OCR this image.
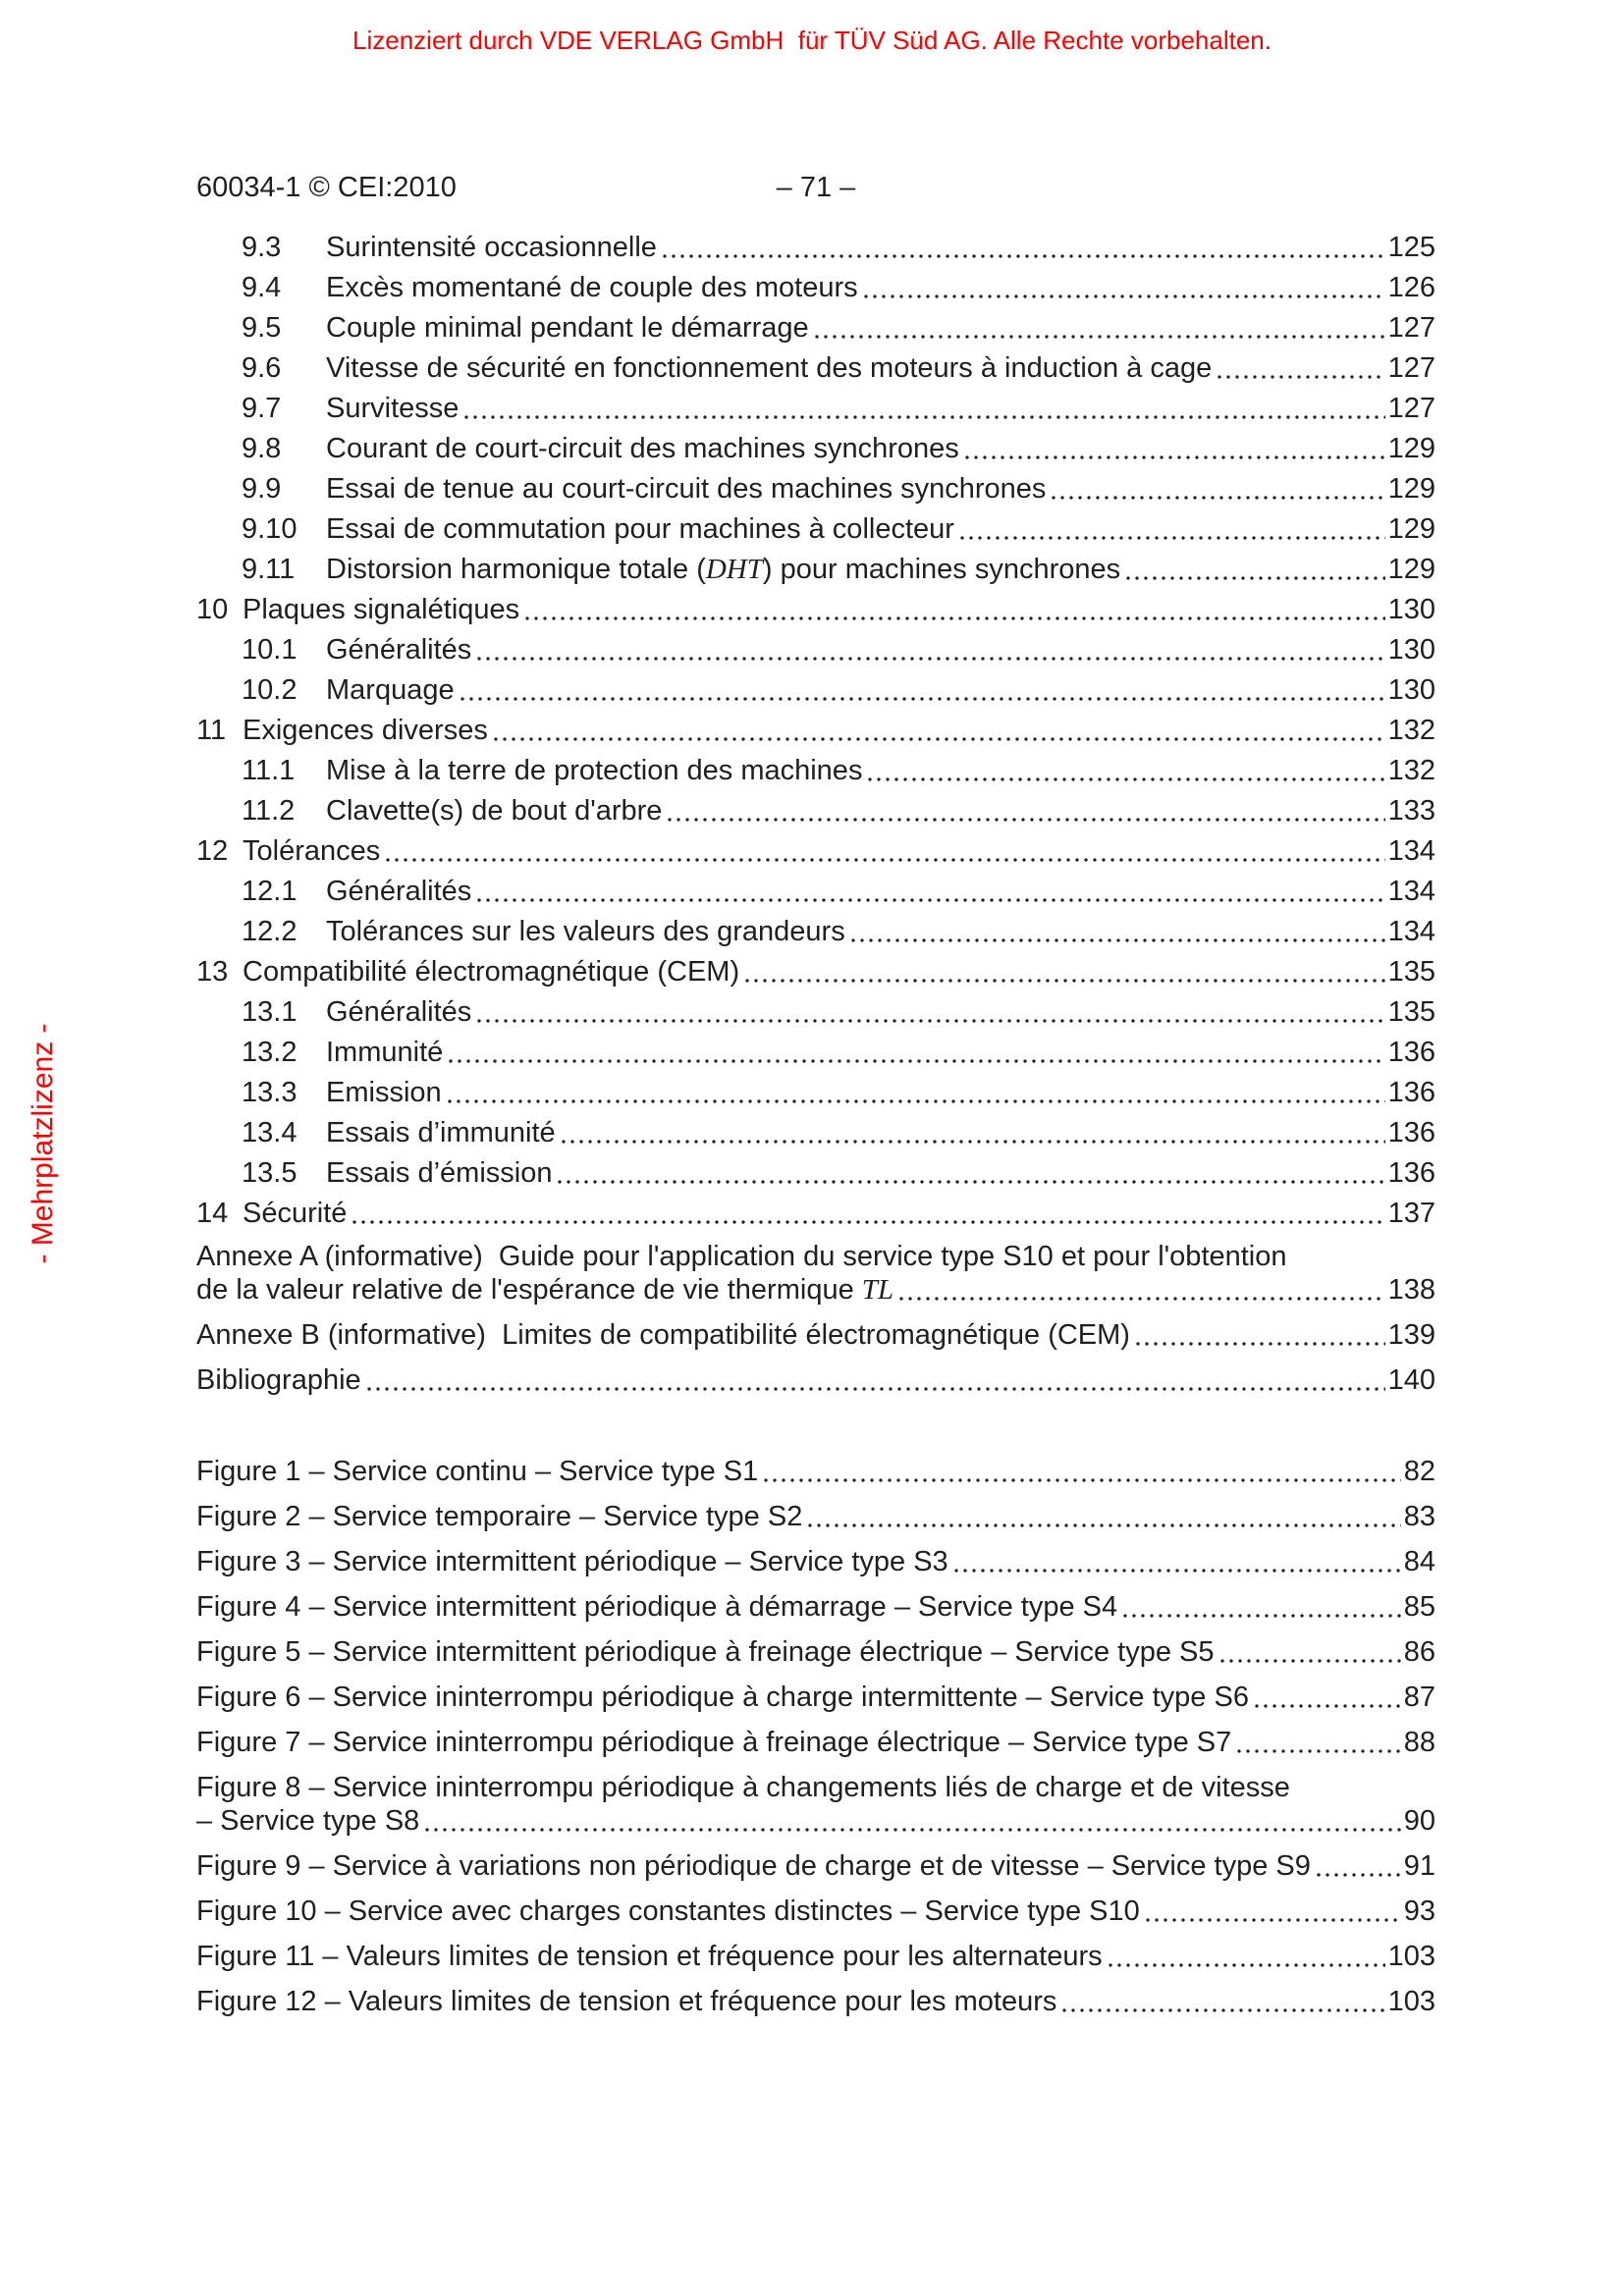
Lizenziert durch VDE VERLAG GmbH  für TÜV Süd AG. Alle Rechte vorbehalten.
- Mehrplatzlizenz -
60034-1 © CEI:2010	– 71 –
9.3	Surintensité occasionnelle	125
9.4	Excès momentané de couple des moteurs	126
9.5	Couple minimal pendant le démarrage	127
9.6	Vitesse de sécurité en fonctionnement des moteurs à induction à cage	127
9.7	Survitesse	127
9.8	Courant de court-circuit des machines synchrones	129
9.9	Essai de tenue au court-circuit des machines synchrones	129
9.10	Essai de commutation pour machines à collecteur	129
9.11	Distorsion harmonique totale (DHT) pour machines synchrones	129
10 Plaques signalétiques	130
10.1	Généralités	130
10.2	Marquage	130
11 Exigences diverses	132
11.1	Mise à la terre de protection des machines	132
11.2	Clavette(s) de bout d'arbre	133
12 Tolérances	134
12.1	Généralités	134
12.2	Tolérances sur les valeurs des grandeurs	134
13 Compatibilité électromagnétique (CEM)	135
13.1	Généralités	135
13.2	Immunité	136
13.3	Emission	136
13.4	Essais d’immunité	136
13.5	Essais d’émission	136
14 Sécurité	137
Annexe A (informative)  Guide pour l'application du service type S10 et pour l'obtention
de la valeur relative de l'espérance de vie thermique TL	138
Annexe B (informative)  Limites de compatibilité électromagnétique (CEM)	139
Bibliographie	140
Figure 1 – Service continu – Service type S1	82
Figure 2 – Service temporaire – Service type S2	83
Figure 3 – Service intermittent périodique – Service type S3	84
Figure 4 – Service intermittent périodique à démarrage – Service type S4	85
Figure 5 – Service intermittent périodique à freinage électrique – Service type S5	86
Figure 6 – Service ininterrompu périodique à charge intermittente – Service type S6	87
Figure 7 – Service ininterrompu périodique à freinage électrique – Service type S7	88
Figure 8 – Service ininterrompu périodique à changements liés de charge et de vitesse
– Service type S8	90
Figure 9 – Service à variations non périodique de charge et de vitesse – Service type S9	91
Figure 10 – Service avec charges constantes distinctes – Service type S10	93
Figure 11 – Valeurs limites de tension et fréquence pour les alternateurs	103
Figure 12 – Valeurs limites de tension et fréquence pour les moteurs	103
